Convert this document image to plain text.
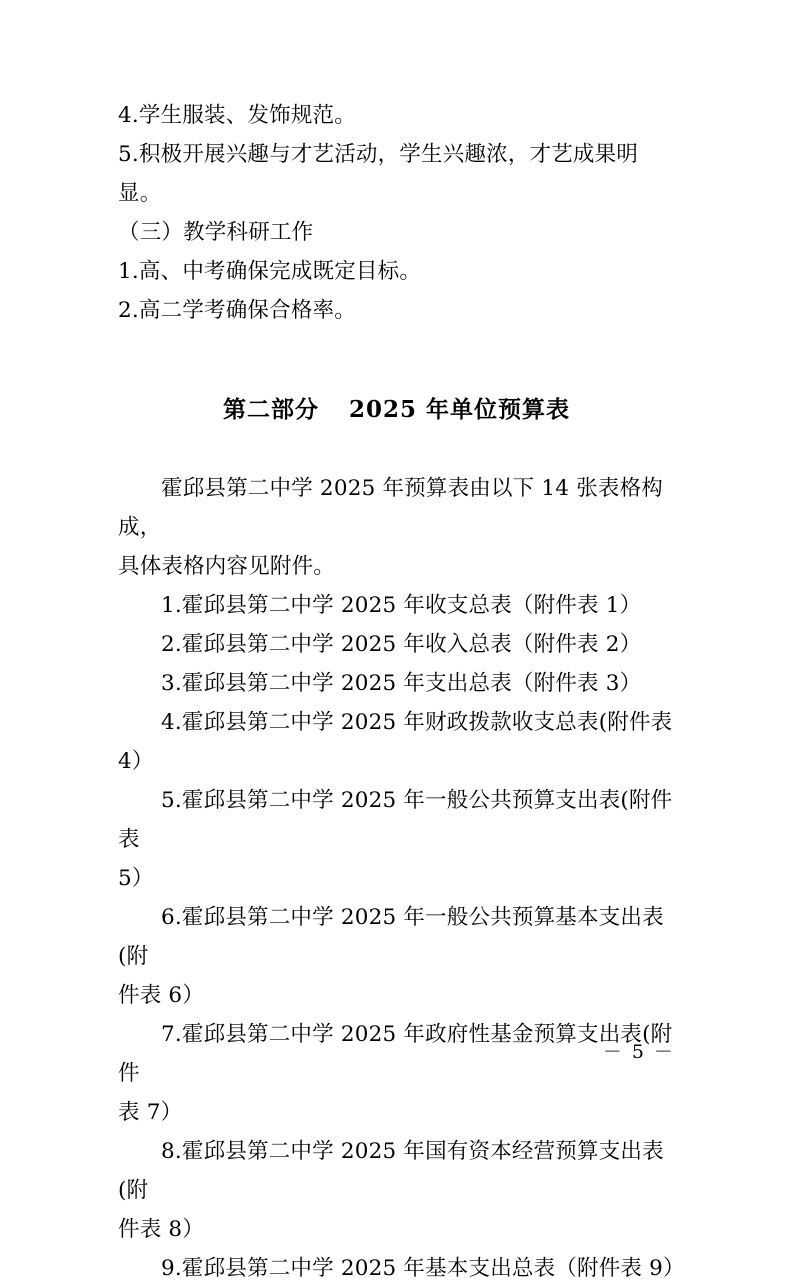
4.学生服装、发饰规范。

5.积极开展兴趣与才艺活动，学生兴趣浓，才艺成果明显。

（三）教学科研工作

1.高、中考确保完成既定目标。

2.高二学考确保合格率。

第二部分 2025 年单位预算表

霍邱县第二中学 2025 年预算表由以下 14 张表格构成，

具体表格内容见附件。

1.霍邱县第二中学 2025 年收支总表（附件表 1）

2.霍邱县第二中学 2025 年收入总表（附件表 2）

3.霍邱县第二中学 2025 年支出总表（附件表 3）

4.霍邱县第二中学 2025 年财政拨款收支总表(附件表 4）

5.霍邱县第二中学 2025 年一般公共预算支出表(附件表

5）

6.霍邱县第二中学 2025 年一般公共预算基本支出表(附

件表 6）

7.霍邱县第二中学 2025 年政府性基金预算支出表(附件

表 7）

8.霍邱县第二中学 2025 年国有资本经营预算支出表(附

件表 8）

9.霍邱县第二中学 2025 年基本支出总表（附件表 9）

－ 5 －
